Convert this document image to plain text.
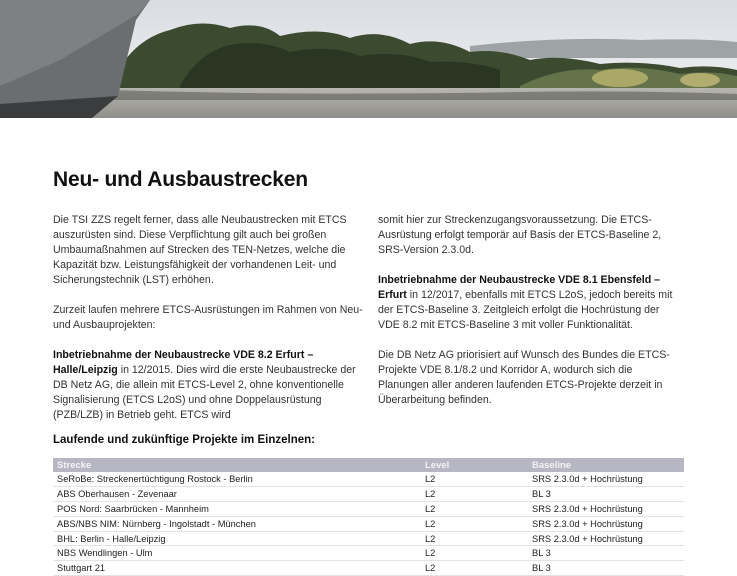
Neu- und Ausbaustrecken

Die TSI ZZS regelt ferner, dass alle Neubaustrecken mit ETCS auszurüsten sind. Diese Verpflichtung gilt auch bei großen Umbaumaßnahmen auf Strecken des TEN-Netzes, welche die Kapazität bzw. Leistungsfähigkeit der vorhandenen Leit- und Sicherungstechnik (LST) erhöhen.

Zurzeit laufen mehrere ETCS-Ausrüstungen im Rahmen von Neu- und Ausbauprojekten:

Inbetriebnahme der Neubaustrecke VDE 8.2 Erfurt – Halle/Leipzig in 12/2015. Dies wird die erste Neubaustrecke der DB Netz AG, die allein mit ETCS-Level 2, ohne konventionelle Signalisierung (ETCS L2oS) und ohne Doppelausrüstung (PZB/LZB) in Betrieb geht. ETCS wird

somit hier zur Streckenzugangsvoraussetzung. Die ETCS-Ausrüstung erfolgt temporär auf Basis der ETCS-Baseline 2, SRS-Version 2.3.0d.

Inbetriebnahme der Neubaustrecke VDE 8.1 Ebensfeld – Erfurt in 12/2017, ebenfalls mit ETCS L2oS, jedoch bereits mit der ETCS-Baseline 3. Zeitgleich erfolgt die Hochrüstung der VDE 8.2 mit ETCS-Baseline 3 mit voller Funktionalität.

Die DB Netz AG priorisiert auf Wunsch des Bundes die ETCS-Projekte VDE 8.1/8.2 und Korridor A, wodurch sich die Planungen aller anderen laufenden ETCS-Projekte derzeit in Überarbeitung befinden.

Laufende und zukünftige Projekte im Einzelnen:
Strecke	Level	Baseline
SeRoBe: Streckenertüchtigung Rostock - Berlin	L2	SRS 2.3.0d + Hochrüstung
ABS Oberhausen - Zevenaar	L2	BL 3
POS Nord: Saarbrücken - Mannheim	L2	SRS 2.3.0d + Hochrüstung
ABS/NBS NIM: Nürnberg - Ingolstadt - München	L2	SRS 2.3.0d + Hochrüstung
BHL: Berlin - Halle/Leipzig	L2	SRS 2.3.0d + Hochrüstung
NBS Wendlingen - Ulm	L2	BL 3
Stuttgart 21	L2	BL 3
